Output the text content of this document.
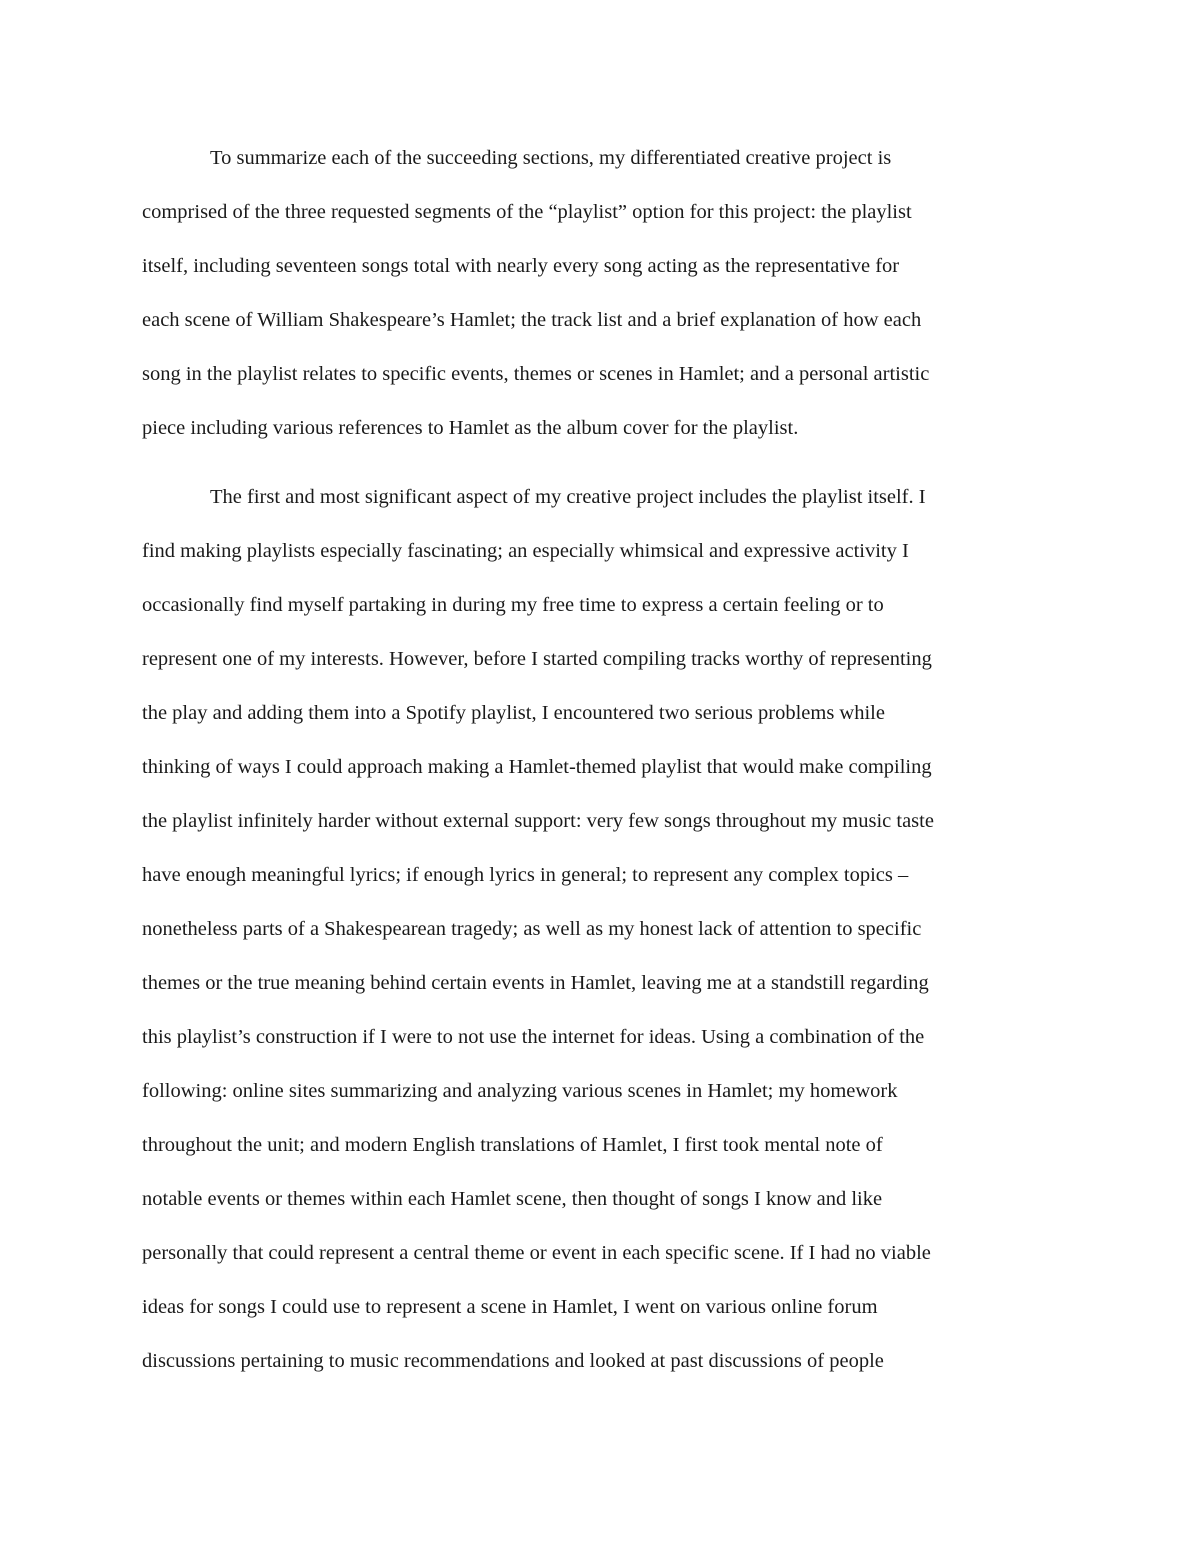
To summarize each of the succeeding sections, my differentiated creative project is
comprised of the three requested segments of the “playlist” option for this project: the playlist
itself, including seventeen songs total with nearly every song acting as the representative for
each scene of William Shakespeare’s Hamlet; the track list and a brief explanation of how each
song in the playlist relates to specific events, themes or scenes in Hamlet; and a personal artistic
piece including various references to Hamlet as the album cover for the playlist.
The first and most significant aspect of my creative project includes the playlist itself. I
find making playlists especially fascinating; an especially whimsical and expressive activity I
occasionally find myself partaking in during my free time to express a certain feeling or to
represent one of my interests. However, before I started compiling tracks worthy of representing
the play and adding them into a Spotify playlist, I encountered two serious problems while
thinking of ways I could approach making a Hamlet-themed playlist that would make compiling
the playlist infinitely harder without external support: very few songs throughout my music taste
have enough meaningful lyrics; if enough lyrics in general; to represent any complex topics –
nonetheless parts of a Shakespearean tragedy; as well as my honest lack of attention to specific
themes or the true meaning behind certain events in Hamlet, leaving me at a standstill regarding
this playlist’s construction if I were to not use the internet for ideas. Using a combination of the
following: online sites summarizing and analyzing various scenes in Hamlet; my homework
throughout the unit; and modern English translations of Hamlet, I first took mental note of
notable events or themes within each Hamlet scene, then thought of songs I know and like
personally that could represent a central theme or event in each specific scene. If I had no viable
ideas for songs I could use to represent a scene in Hamlet, I went on various online forum
discussions pertaining to music recommendations and looked at past discussions of people
